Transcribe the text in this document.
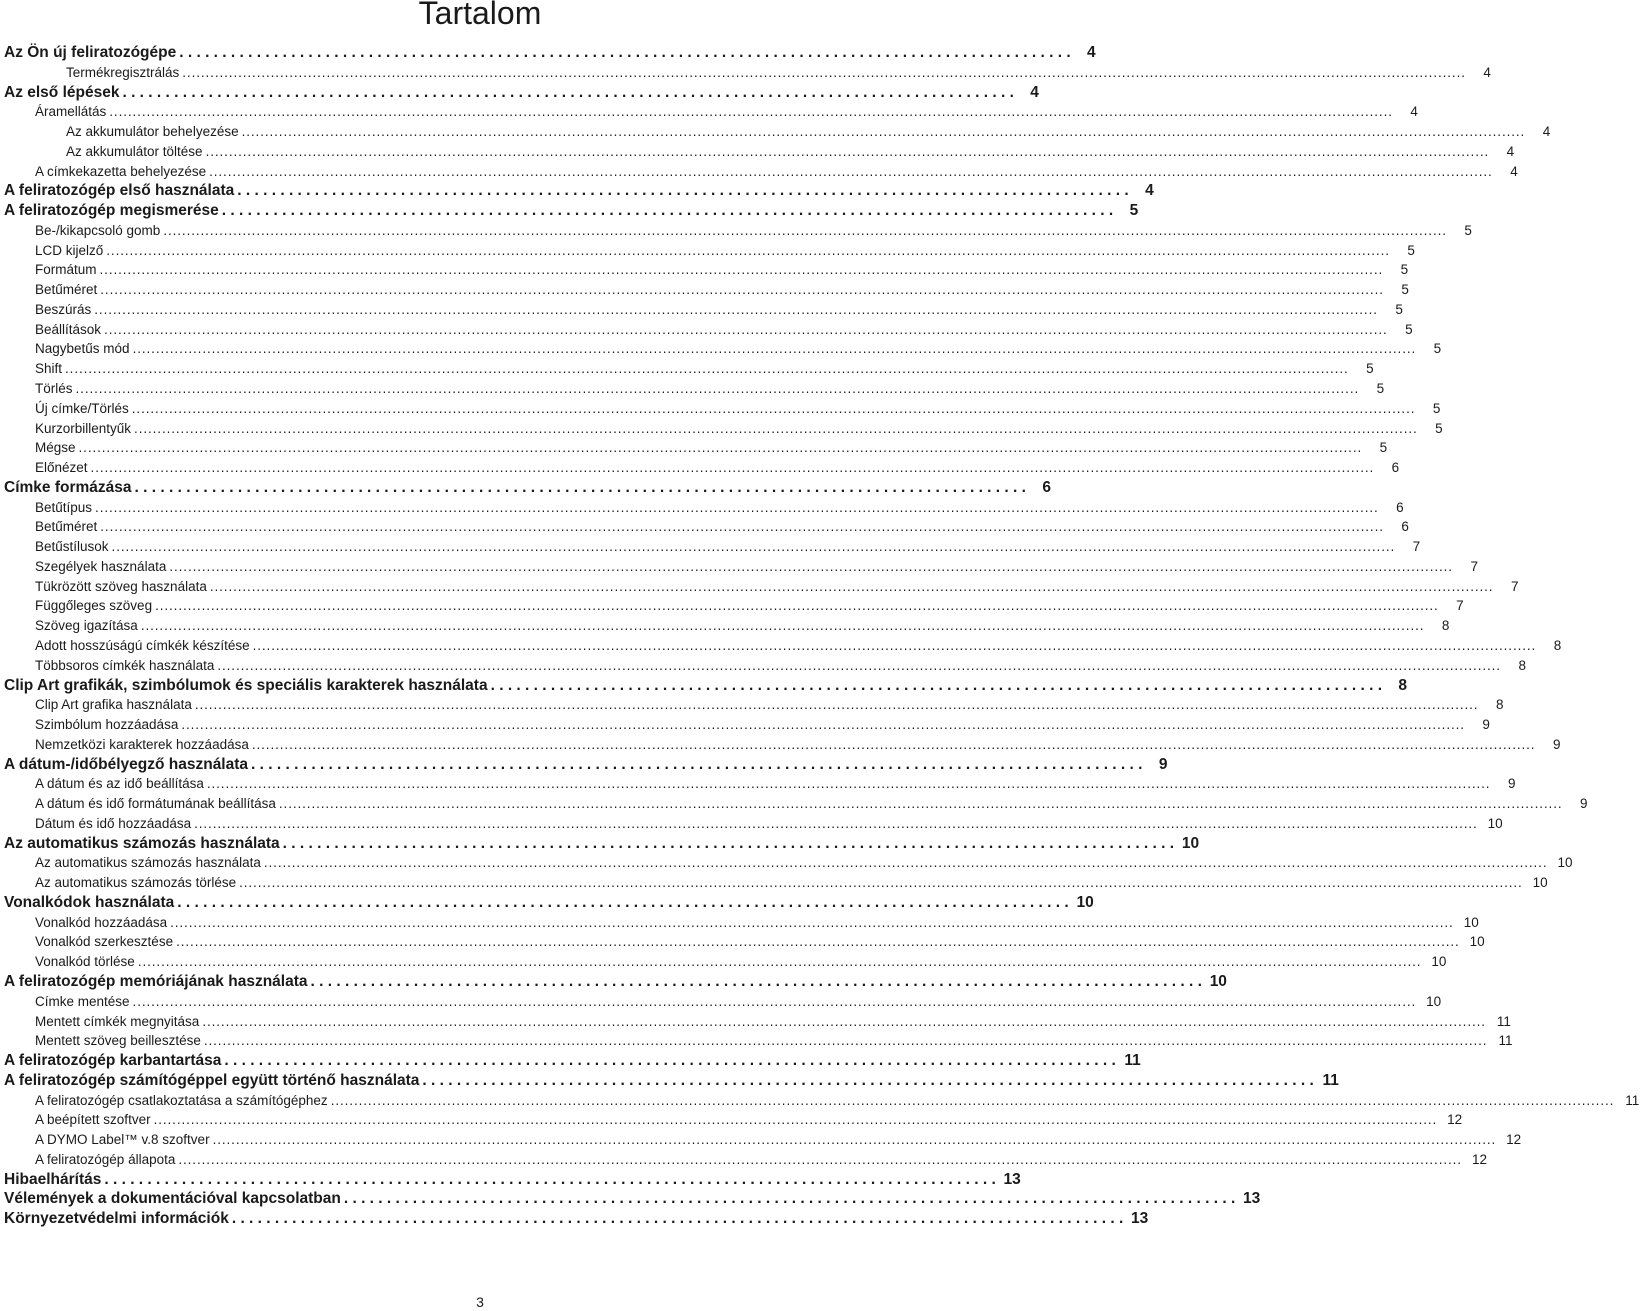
Tartalom
Az Ön új feliratozógépe . . .	4
Termékregisztrálás .....	4
Az első lépések . . .	4
Áramellátás .....	4
Az akkumulátor behelyezése .....	4
Az akkumulátor töltése .....	4
A címkekazetta behelyezése .....	4
A feliratozógép első használata . . .	4
A feliratozógép megismerése . . .	5
Be-/kikapcsoló gomb .....	5
LCD kijelző .....	5
Formátum .....	5
Betűméret .....	5
Beszúrás .....	5
Beállítások .....	5
Nagybetűs mód .....	5
Shift .....	5
Törlés .....	5
Új címke/Törlés .....	5
Kurzorbillentyűk .....	5
Mégse .....	5
Előnézet .....	6
Címke formázása . . .	6
Betűtípus .....	6
Betűméret .....	6
Betűstílusok .....	7
Szegélyek használata .....	7
Tükrözött szöveg használata .....	7
Függőleges szöveg .....	7
Szöveg igazítása .....	8
Adott hosszúságú címkék készítése .....	8
Többsoros címkék használata .....	8
Clip Art grafikák, szimbólumok és speciális karakterek használata . . .	8
Clip Art grafika használata .....	8
Szimbólum hozzáadása .....	9
Nemzetközi karakterek hozzáadása .....	9
A dátum-/időbélyegző használata . . .	9
A dátum és az idő beállítása .....	9
A dátum és idő formátumának beállítása .....	9
Dátum és idő hozzáadása .....	10
Az automatikus számozás használata . . .	10
Az automatikus számozás használata .....	10
Az automatikus számozás törlése .....	10
Vonalkódok használata . . .	10
Vonalkód hozzáadása .....	10
Vonalkód szerkesztése .....	10
Vonalkód törlése .....	10
A feliratozógép memóriájának használata . . .	10
Címke mentése .....	10
Mentett címkék megnyitása .....	11
Mentett szöveg beillesztése .....	11
A feliratozógép karbantartása . . .	11
A feliratozógép számítógéppel együtt történő használata . . .	11
A feliratozógép csatlakoztatása a számítógéphez .....	11
A beépített szoftver .....	12
A DYMO Label™ v.8 szoftver .....	12
A feliratozógép állapota .....	12
Hibaelhárítás . . .	13
Vélemények a dokumentációval kapcsolatban . . .	13
Környezetvédelmi információk . . .	13
3
